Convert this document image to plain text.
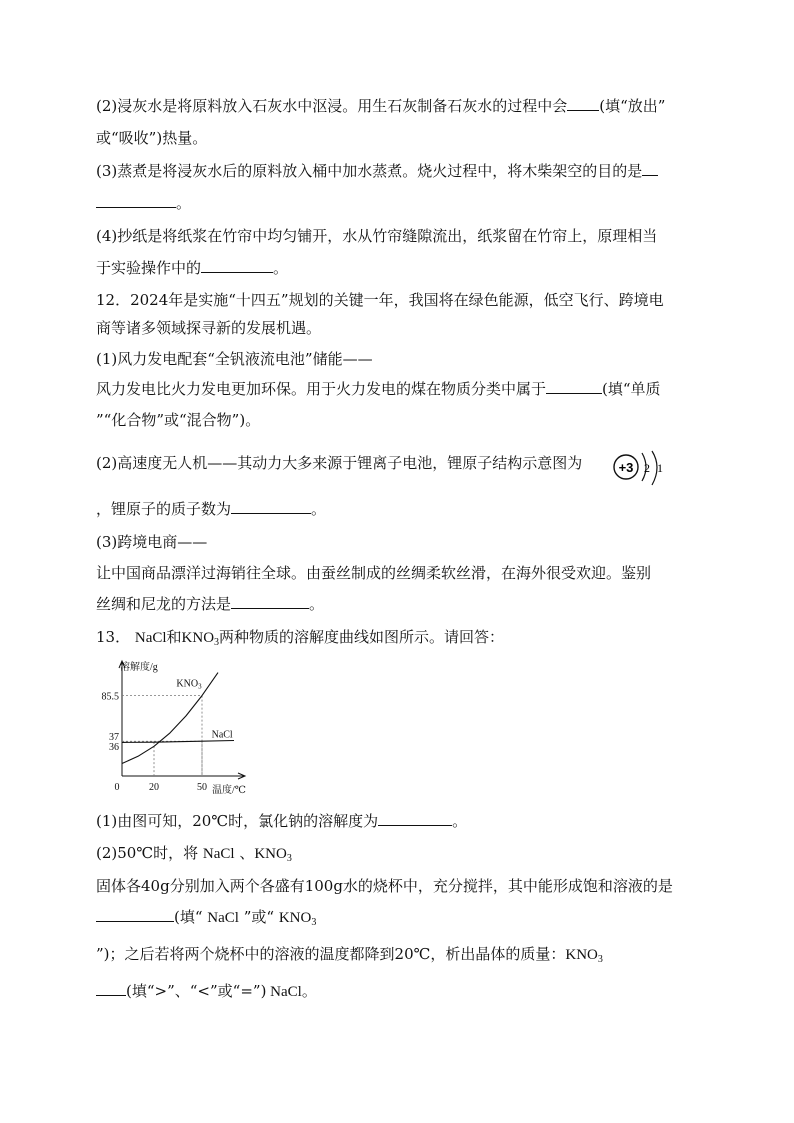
(2)浸灰水是将原料放入石灰水中沤浸。用生石灰制备石灰水的过程中会 (填“放出”
或“吸收”)热量。
(3)蒸煮是将浸灰水后的原料放入桶中加水蒸煮。烧火过程中，将木柴架空的目的是
。
(4)抄纸是将纸浆在竹帘中均匀铺开，水从竹帘缝隙流出，纸浆留在竹帘上，原理相当
于实验操作中的	。
12．2024年是实施“十四五”规划的关键一年，我国将在绿色能源，低空飞行、跨境电
商等诸多领域探寻新的发展机遇。
(1)风力发电配套“全钒液流电池”储能——
风力发电比火力发电更加环保。用于火力发电的煤在物质分类中属于	(填“单质
”“化合物”或“混合物”)。
(2)高速度无人机——其动力大多来源于锂离子电池，锂原子结构示意图为	+3 2 1
，锂原子的质子数为	。
(3)跨境电商——
让中国商品漂洋过海销往全球。由蚕丝制成的丝绸柔软丝滑，在海外很受欢迎。鉴别
丝绸和尼龙的方法是	。
13． NaCl和$KNO_3$两种物质的溶解度曲线如图所示。请回答：
溶解度/g
温度/℃
$KNO_3$
NaCl
36
37
85.5
0	20	50
(1)由图可知，20℃时，氯化钠的溶解度为	。
(2)50℃时，将 NaCl 、$KNO_3$
固体各40g分别加入两个各盛有100g水的烧杯中，充分搅拌，其中能形成饱和溶液的是
(填“ NaCl ”或“ $KNO_3$
”)；之后若将两个烧杯中的溶液的温度都降到20℃，析出晶体的质量：$KNO_3$
(填“>”、“<”或“=”) NaCl。
